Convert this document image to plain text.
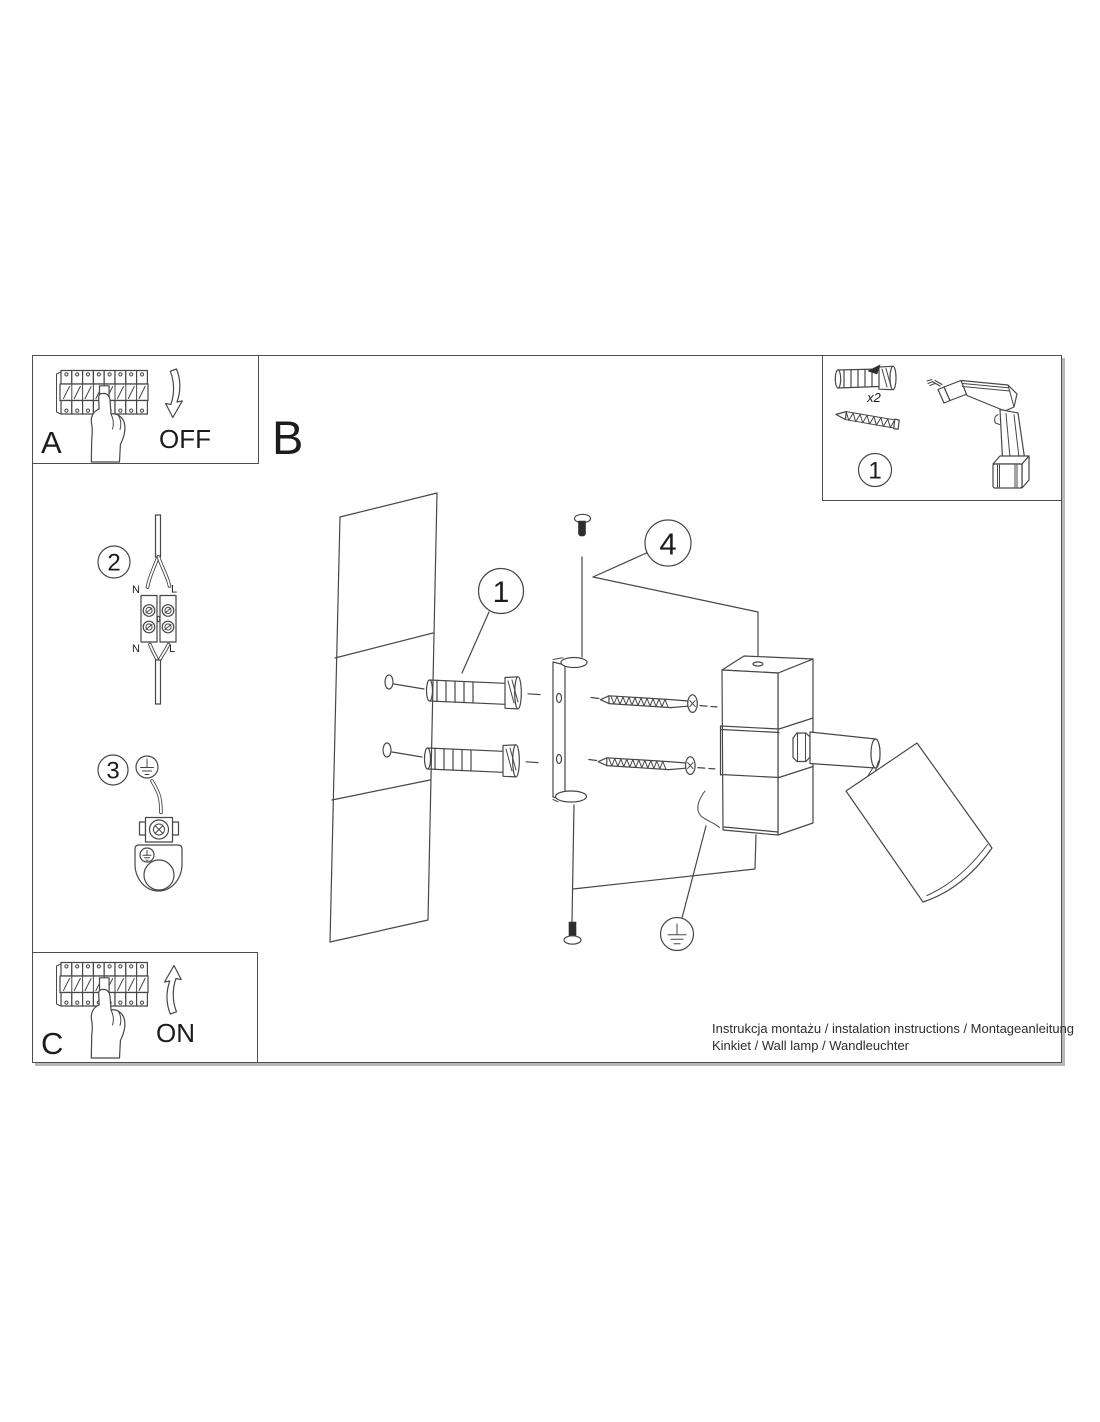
A	OFF
x2
1
C	ON
B
2
N	L
N	L
3
1
4
Instrukcja montażu / instalation instructions / Montageanleitung
Kinkiet / Wall lamp / Wandleuchter
